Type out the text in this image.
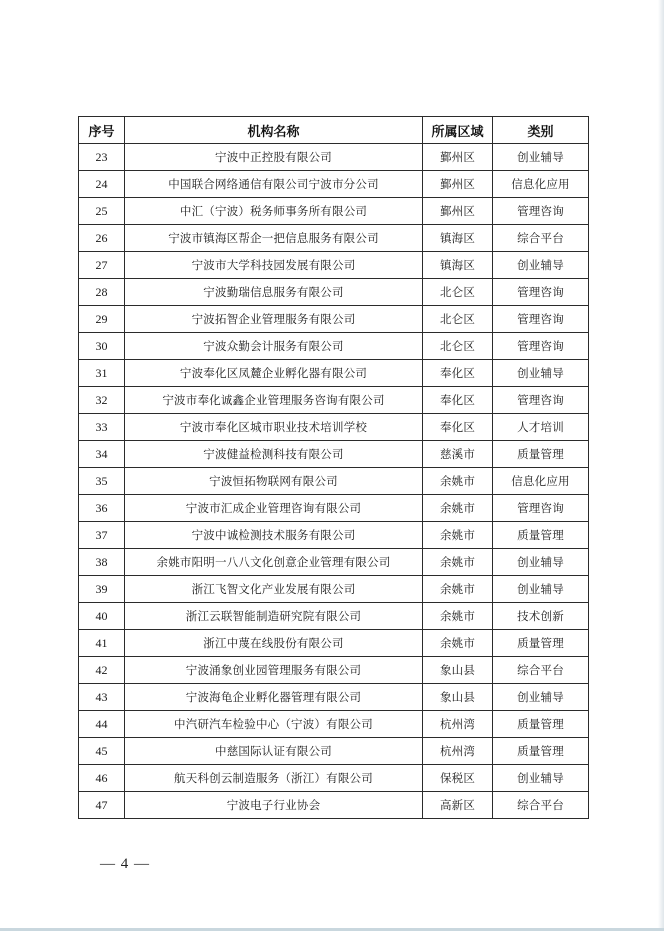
序号	机构名称	所属区域	类别
23	宁波中正控股有限公司	鄞州区	创业辅导
24	中国联合网络通信有限公司宁波市分公司	鄞州区	信息化应用
25	中汇（宁波）税务师事务所有限公司	鄞州区	管理咨询
26	宁波市镇海区帮企一把信息服务有限公司	镇海区	综合平台
27	宁波市大学科技园发展有限公司	镇海区	创业辅导
28	宁波勤瑞信息服务有限公司	北仑区	管理咨询
29	宁波拓智企业管理服务有限公司	北仑区	管理咨询
30	宁波众勤会计服务有限公司	北仑区	管理咨询
31	宁波奉化区凤麓企业孵化器有限公司	奉化区	创业辅导
32	宁波市奉化诚鑫企业管理服务咨询有限公司	奉化区	管理咨询
33	宁波市奉化区城市职业技术培训学校	奉化区	人才培训
34	宁波健益检测科技有限公司	慈溪市	质量管理
35	宁波恒拓物联网有限公司	余姚市	信息化应用
36	宁波市汇成企业管理咨询有限公司	余姚市	管理咨询
37	宁波中诚检测技术服务有限公司	余姚市	质量管理
38	余姚市阳明一八八文化创意企业管理有限公司	余姚市	创业辅导
39	浙江飞智文化产业发展有限公司	余姚市	创业辅导
40	浙江云联智能制造研究院有限公司	余姚市	技术创新
41	浙江中蔑在线股份有限公司	余姚市	质量管理
42	宁波涌象创业园管理服务有限公司	象山县	综合平台
43	宁波海龟企业孵化器管理有限公司	象山县	创业辅导
44	中汽研汽车检验中心（宁波）有限公司	杭州湾	质量管理
45	中慈国际认证有限公司	杭州湾	质量管理
46	航天科创云制造服务（浙江）有限公司	保税区	创业辅导
47	宁波电子行业协会	高新区	综合平台
— 4 —
